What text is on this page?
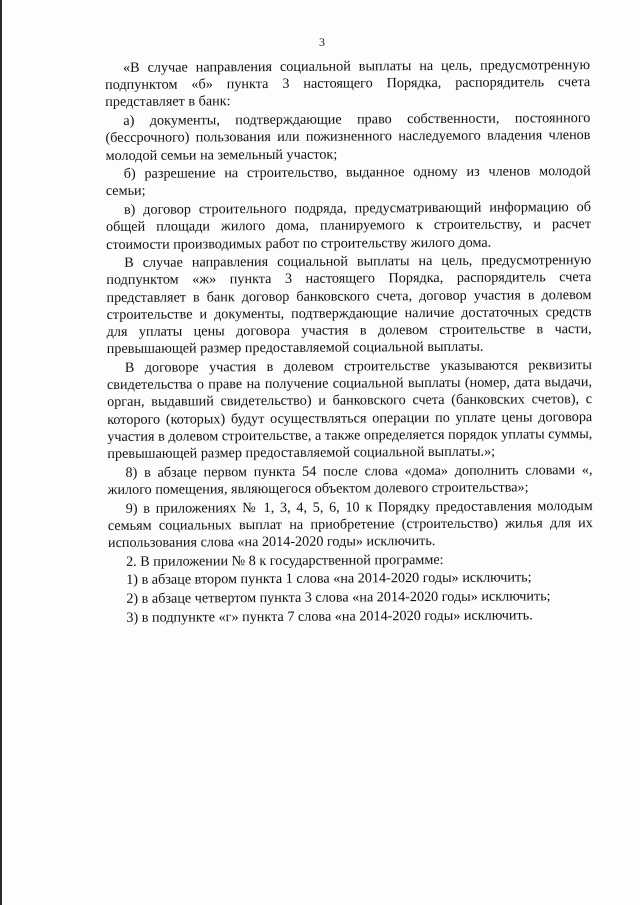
3

«В случае направления социальной выплаты на цель, предусмотренную подпунктом «б» пункта 3 настоящего Порядка, распорядитель счета представляет в банк:

а) документы, подтверждающие право собственности, постоянного (бессрочного) пользования или пожизненного наследуемого владения членов молодой семьи на земельный участок;

б) разрешение на строительство, выданное одному из членов молодой семьи;

в) договор строительного подряда, предусматривающий информацию об общей площади жилого дома, планируемого к строительству, и расчет стоимости производимых работ по строительству жилого дома.

В случае направления социальной выплаты на цель, предусмотренную подпунктом «ж» пункта 3 настоящего Порядка, распорядитель счета представляет в банк договор банковского счета, договор участия в долевом строительстве и документы, подтверждающие наличие достаточных средств для уплаты цены договора участия в долевом строительстве в части, превышающей размер предоставляемой социальной выплаты.

В договоре участия в долевом строительстве указываются реквизиты свидетельства о праве на получение социальной выплаты (номер, дата выдачи, орган, выдавший свидетельство) и банковского счета (банковских счетов), с которого (которых) будут осуществляться операции по уплате цены договора участия в долевом строительстве, а также определяется порядок уплаты суммы, превышающей размер предоставляемой социальной выплаты.»;

8) в абзаце первом пункта 54 после слова «дома» дополнить словами «, жилого помещения, являющегося объектом долевого строительства»;

9) в приложениях № 1, 3, 4, 5, 6, 10 к Порядку предоставления молодым семьям социальных выплат на приобретение (строительство) жилья для их использования слова «на 2014-2020 годы» исключить.

2. В приложении № 8 к государственной программе:

1) в абзаце втором пункта 1 слова «на 2014-2020 годы» исключить;

2) в абзаце четвертом пункта 3 слова «на 2014-2020 годы» исключить;

3) в подпункте «г» пункта 7 слова «на 2014-2020 годы» исключить.
